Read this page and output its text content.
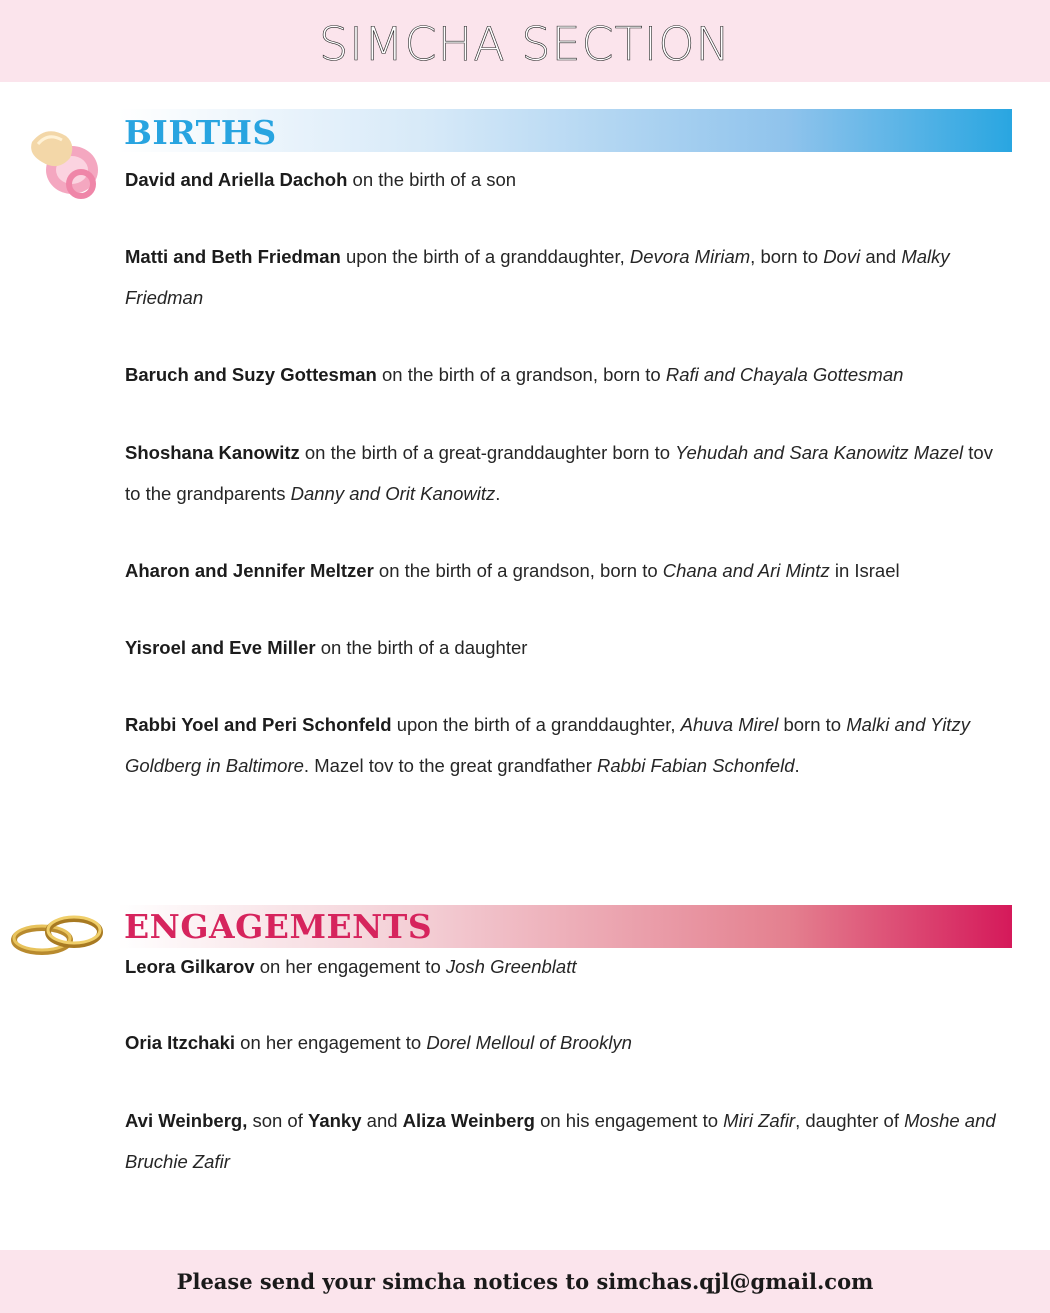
SIMCHA SECTION
BIRTHS
David and Ariella Dachoh on the birth of a son
Matti and Beth Friedman upon the birth of a granddaughter, Devora Miriam, born to Dovi and Malky Friedman
Baruch and Suzy Gottesman on the birth of a grandson, born to Rafi and Chayala Gottesman
Shoshana Kanowitz on the birth of a great-granddaughter born to Yehudah and Sara Kanowitz Mazel tov to the grandparents Danny and Orit Kanowitz.
Aharon and Jennifer Meltzer on the birth of a grandson, born to Chana and Ari Mintz in Israel
Yisroel and Eve Miller on the birth of a daughter
Rabbi Yoel and Peri Schonfeld upon the birth of a granddaughter, Ahuva Mirel born to Malki and Yitzy Goldberg in Baltimore. Mazel tov to the great grandfather Rabbi Fabian Schonfeld.
ENGAGEMENTS
Leora Gilkarov on her engagement to Josh Greenblatt
Oria Itzchaki on her engagement to Dorel Melloul of Brooklyn
Avi Weinberg, son of Yanky and Aliza Weinberg on his engagement to Miri Zafir, daughter of Moshe and Bruchie Zafir
Please send your simcha notices to simchas.qjl@gmail.com
